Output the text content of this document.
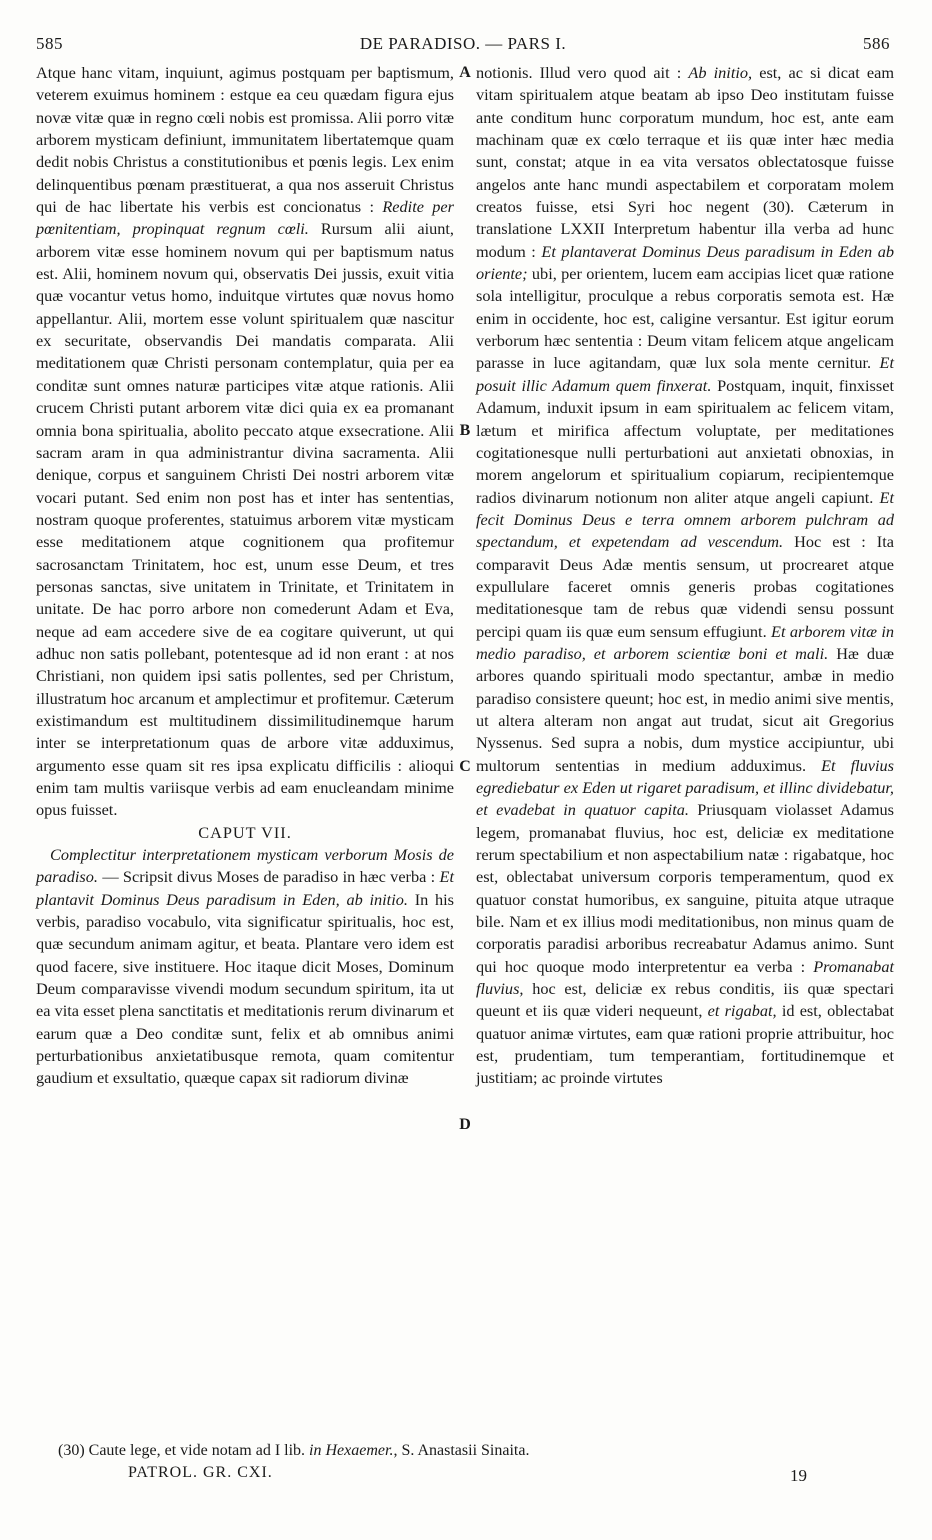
585	DE PARADISO. — PARS I.	586

Atque hanc vitam, inquiunt, agimus postquam per baptismum, veterem exuimus hominem : estque ea ceu quædam figura ejus novæ vitæ quæ in regno cœli nobis est promissa. Alii porro vitæ arborem mysticam definiunt, immunitatem libertatemque quam dedit nobis Christus a constitutionibus et pœnis legis. Lex enim delinquentibus pœnam præstituerat, a qua nos asseruit Christus qui de hac libertate his verbis est concionatus : Redite per pœnitentiam, propinquat regnum cœli. Rursum alii aiunt, arborem vitæ esse hominem novum qui per baptismum natus est. Alii, hominem novum qui, observatis Dei jussis, exuit vitia quæ vocantur vetus homo, induitque virtutes quæ novus homo appellantur. Alii, mortem esse volunt spiritualem quæ nascitur ex securitate, observandis Dei mandatis comparata. Alii meditationem quæ Christi personam contemplatur, quia per ea conditæ sunt omnes naturæ participes vitæ atque rationis. Alii crucem Christi putant arborem vitæ dici quia ex ea promanant omnia bona spiritualia, abolito peccato atque exsecratione. Alii sacram aram in qua administrantur divina sacramenta. Alii denique, corpus et sanguinem Christi Dei nostri arborem vitæ vocari putant. Sed enim non post has et inter has sententias, nostram quoque proferentes, statuimus arborem vitæ mysticam esse meditationem atque cognitionem qua profitemur sacrosanctam Trinitatem, hoc est, unum esse Deum, et tres personas sanctas, sive unitatem in Trinitate, et Trinitatem in unitate. De hac porro arbore non comederunt Adam et Eva, neque ad eam accedere sive de ea cogitare quiverunt, ut qui adhuc non satis pollebant, potentesque ad id non erant : at nos Christiani, non quidem ipsi satis pollentes, sed per Christum, illustratum hoc arcanum et amplectimur et profitemur. Cæterum existimandum est multitudinem dissimilitudinemque harum inter se interpretationum quas de arbore vitæ adduximus, argumento esse quam sit res ipsa explicatu difficilis : alioqui enim tam multis variisque verbis ad eam enucleandam minime opus fuisset.

CAPUT VII.

Complectitur interpretationem mysticam verborum Mosis de paradiso. — Scripsit divus Moses de paradiso in hæc verba : Et plantavit Dominus Deus paradisum in Eden, ab initio. In his verbis, paradiso vocabulo, vita significatur spiritualis, hoc est, quæ secundum animam agitur, et beata. Plantare vero idem est quod facere, sive instituere. Hoc itaque dicit Moses, Dominum Deum comparavisse vivendi modum secundum spiritum, ita ut ea vita esset plena sanctitatis et meditationis rerum divinarum et earum quæ a Deo conditæ sunt, felix et ab omnibus animi perturbationibus anxietatibusque remota, quam comitentur gaudium et exsultatio, quæque capax sit radiorum divinæ

A
B
C
D

notionis. Illud vero quod ait : Ab initio, est, ac si dicat eam vitam spiritualem atque beatam ab ipso Deo institutam fuisse ante conditum hunc corporatum mundum, hoc est, ante eam machinam quæ ex cœlo terraque et iis quæ inter hæc media sunt, constat; atque in ea vita versatos oblectatosque fuisse angelos ante hanc mundi aspectabilem et corporatam molem creatos fuisse, etsi Syri hoc negent (30). Cæterum in translatione LXXII Interpretum habentur illa verba ad hunc modum : Et plantaverat Dominus Deus paradisum in Eden ab oriente; ubi, per orientem, lucem eam accipias licet quæ ratione sola intelligitur, proculque a rebus corporatis semota est. Hæ enim in occidente, hoc est, caligine versantur. Est igitur eorum verborum hæc sententia : Deum vitam felicem atque angelicam parasse in luce agitandam, quæ lux sola mente cernitur. Et posuit illic Adamum quem finxerat. Postquam, inquit, finxisset Adamum, induxit ipsum in eam spiritualem ac felicem vitam, lætum et mirifica affectum voluptate, per meditationes cogitationesque nulli perturbationi aut anxietati obnoxias, in morem angelorum et spiritualium copiarum, recipientemque radios divinarum notionum non aliter atque angeli capiunt. Et fecit Dominus Deus e terra omnem arborem pulchram ad spectandum, et expetendam ad vescendum. Hoc est : Ita comparavit Deus Adæ mentis sensum, ut procrearet atque expullulare faceret omnis generis probas cogitationes meditationesque tam de rebus quæ videndi sensu possunt percipi quam iis quæ eum sensum effugiunt. Et arborem vitæ in medio paradiso, et arborem scientiæ boni et mali. Hæ duæ arbores quando spirituali modo spectantur, ambæ in medio paradiso consistere queunt; hoc est, in medio animi sive mentis, ut altera alteram non angat aut trudat, sicut ait Gregorius Nyssenus. Sed supra a nobis, dum mystice accipiuntur, ubi multorum sententias in medium adduximus. Et fluvius egrediebatur ex Eden ut rigaret paradisum, et illinc dividebatur, et evadebat in quatuor capita. Priusquam violasset Adamus legem, promanabat fluvius, hoc est, deliciæ ex meditatione rerum spectabilium et non aspectabilium natæ : rigabatque, hoc est, oblectabat universum corporis temperamentum, quod ex quatuor constat humoribus, ex sanguine, pituita atque utraque bile. Nam et ex illius modi meditationibus, non minus quam de corporatis paradisi arboribus recreabatur Adamus animo. Sunt qui hoc quoque modo interpretentur ea verba : Promanabat fluvius, hoc est, deliciæ ex rebus conditis, iis quæ spectari queunt et iis quæ videri nequeunt, et rigabat, id est, oblectabat quatuor animæ virtutes, eam quæ rationi proprie attribuitur, hoc est, prudentiam, tum temperantiam, fortitudinemque et justitiam; ac proinde virtutes

(30) Caute lege, et vide notam ad I lib. in Hexaemer., S. Anastasii Sinaita.
PATROL. GR. CXI.	19
